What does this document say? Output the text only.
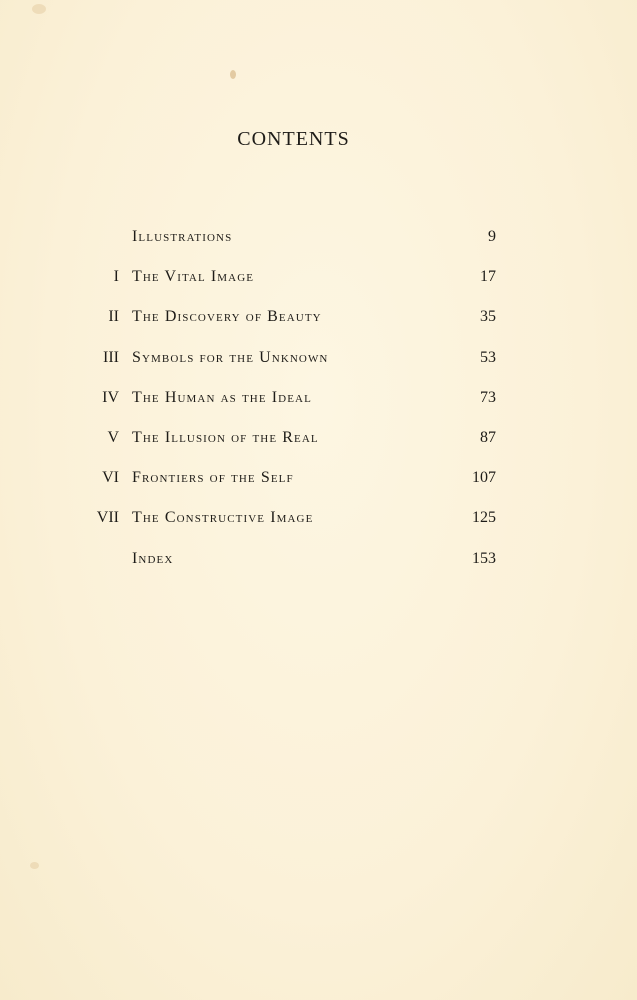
CONTENTS
Illustrations	9
I The Vital Image	17
II The Discovery of Beauty	35
III Symbols for the Unknown	53
IV The Human as the Ideal	73
V The Illusion of the Real	87
VI Frontiers of the Self	107
VII The Constructive Image	125
Index	153
